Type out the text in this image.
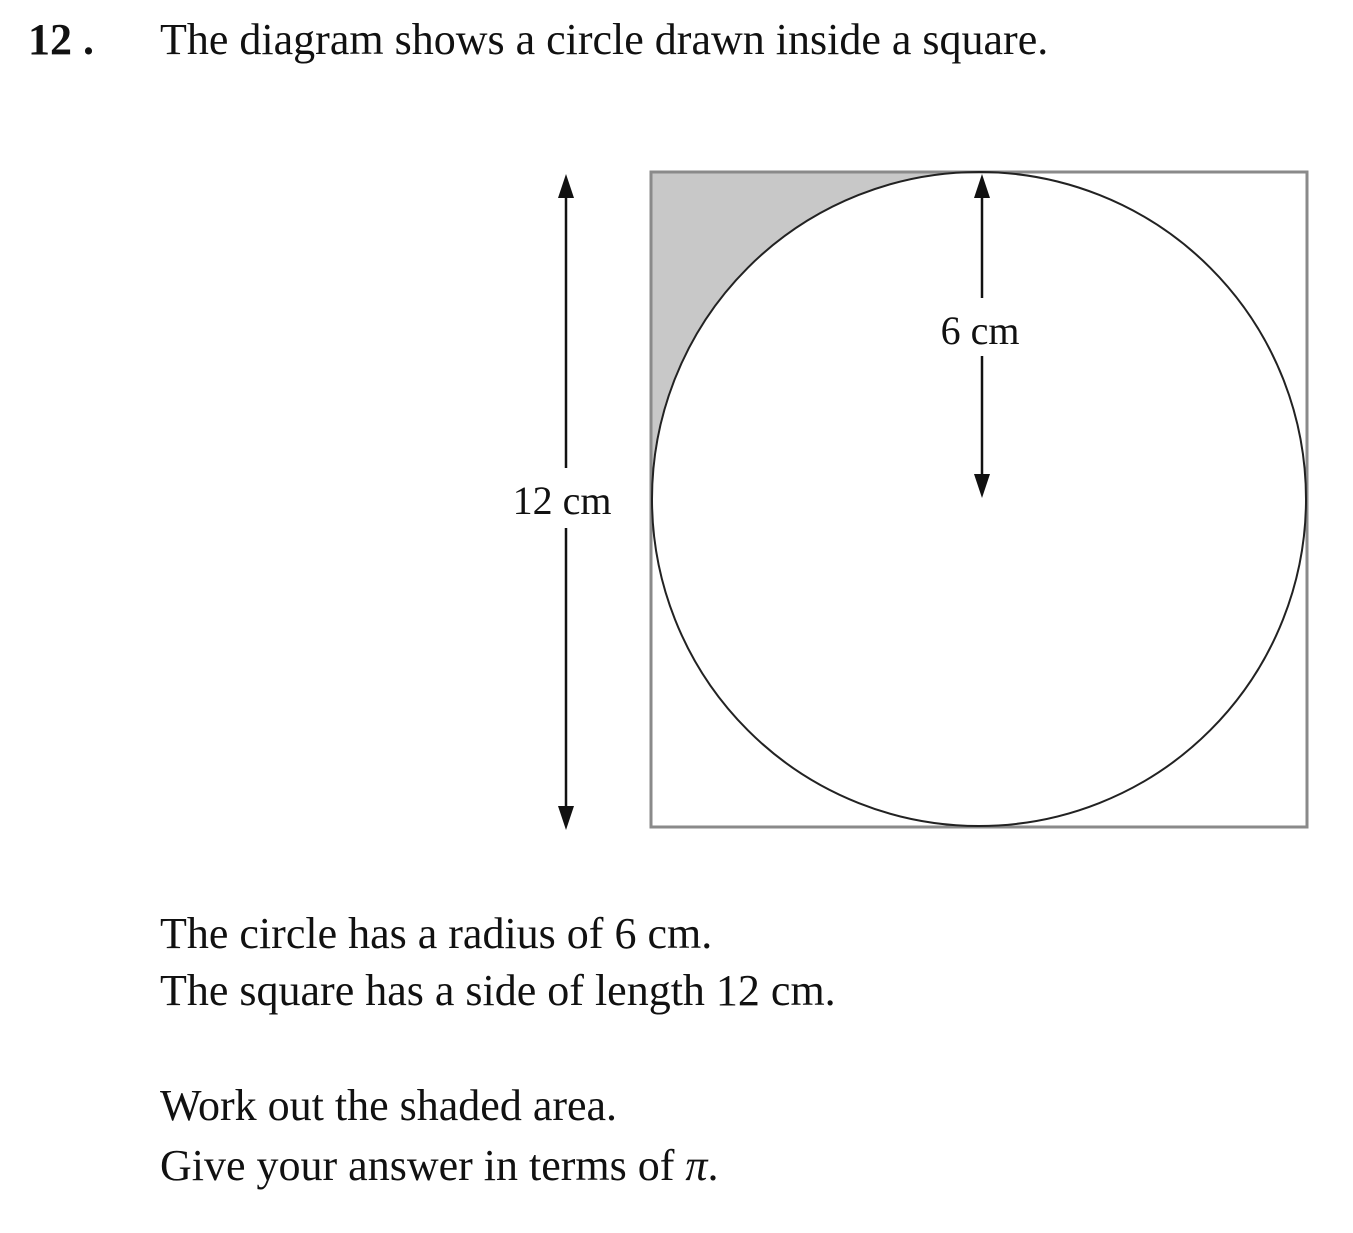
12 . The diagram shows a circle drawn inside a square.
6 cm
12 cm
The circle has a radius of 6 cm.
The square has a side of length 12 cm.
Work out the shaded area.
Give your answer in terms of π.
